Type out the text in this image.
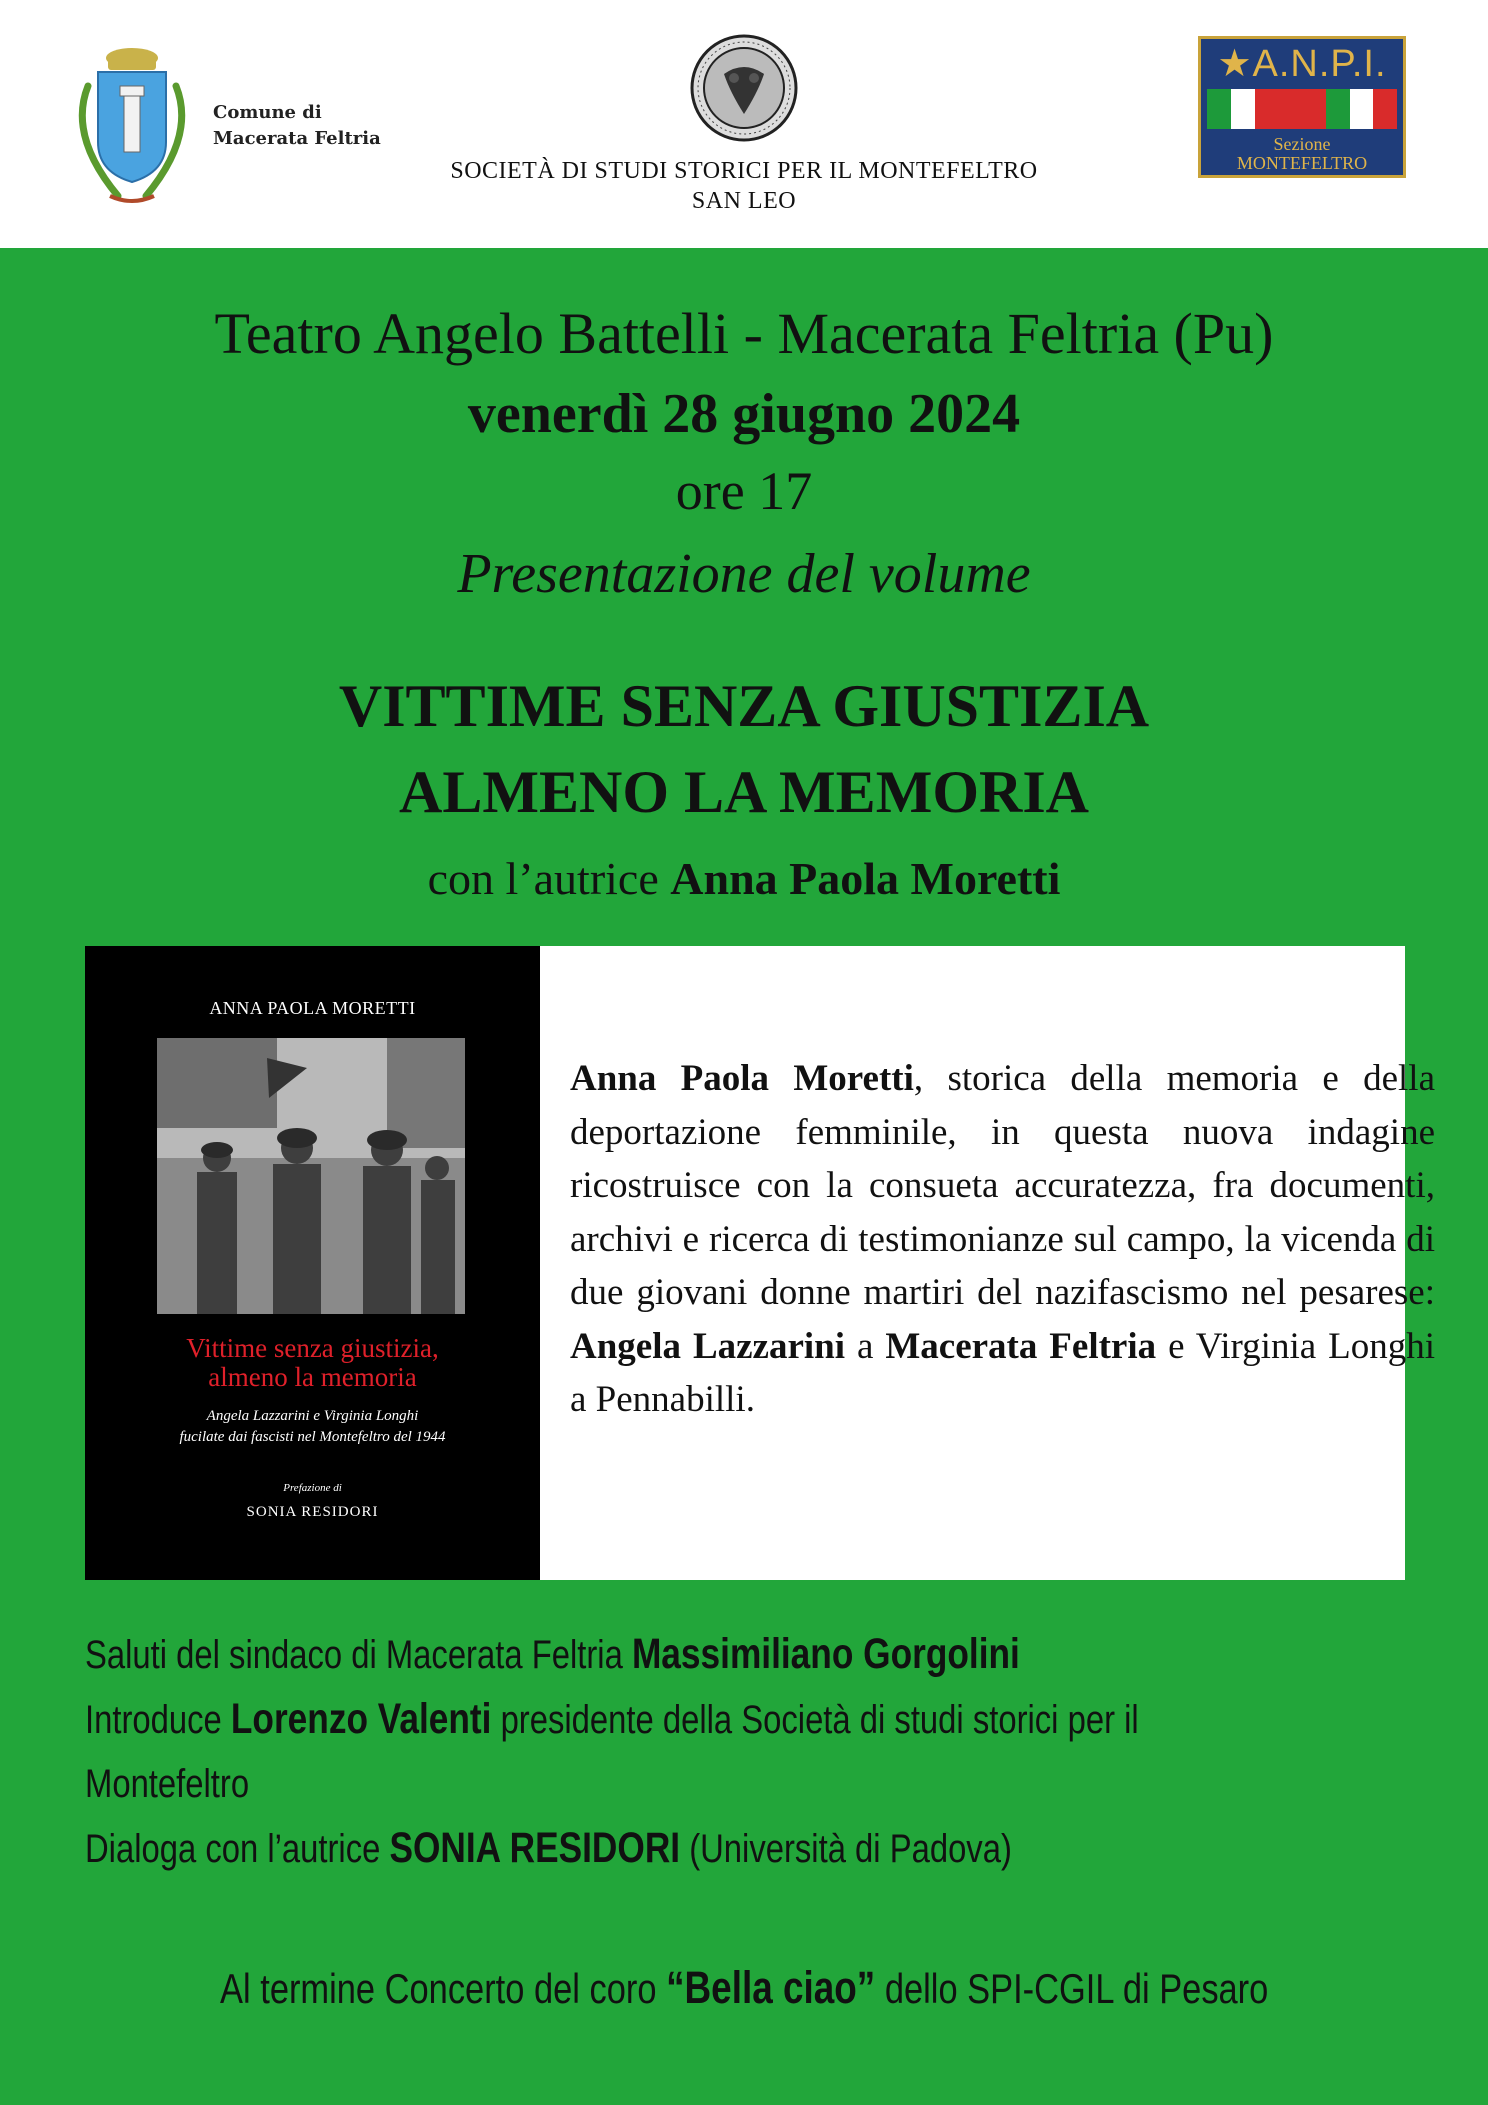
Comune di
Macerata Feltria
SOCIETÀ DI STUDI STORICI PER IL MONTEFELTRO
SAN LEO
★A.N.P.I.
Sezione
MONTEFELTRO
Teatro Angelo Battelli - Macerata Feltria (Pu)
venerdì 28 giugno 2024
ore 17
Presentazione del volume
VITTIME SENZA GIUSTIZIA
ALMENO LA MEMORIA
con l’autrice Anna Paola Moretti
ANNA PAOLA MORETTI
Vittime senza giustizia,
almeno la memoria
Angela Lazzarini e Virginia Longhi
fucilate dai fascisti nel Montefeltro del 1944
Prefazione di
SONIA RESIDORI
Anna Paola Moretti, storica della memoria e della deportazione femminile, in questa nuova indagine ricostruisce con la consueta accuratezza, fra documenti, archivi e ricerca di testimonianze sul campo, la vicenda di due giovani donne martiri del nazifascismo nel pesarese: Angela Lazzarini a Macerata Feltria e Virginia Longhi a Pennabilli.
Saluti del sindaco di Macerata Feltria Massimiliano Gorgolini
Introduce Lorenzo Valenti presidente della Società di studi storici per il
Montefeltro
Dialoga con l’autrice SONIA RESIDORI (Università di Padova)
Al termine Concerto del coro “Bella ciao” dello SPI-CGIL di Pesaro
